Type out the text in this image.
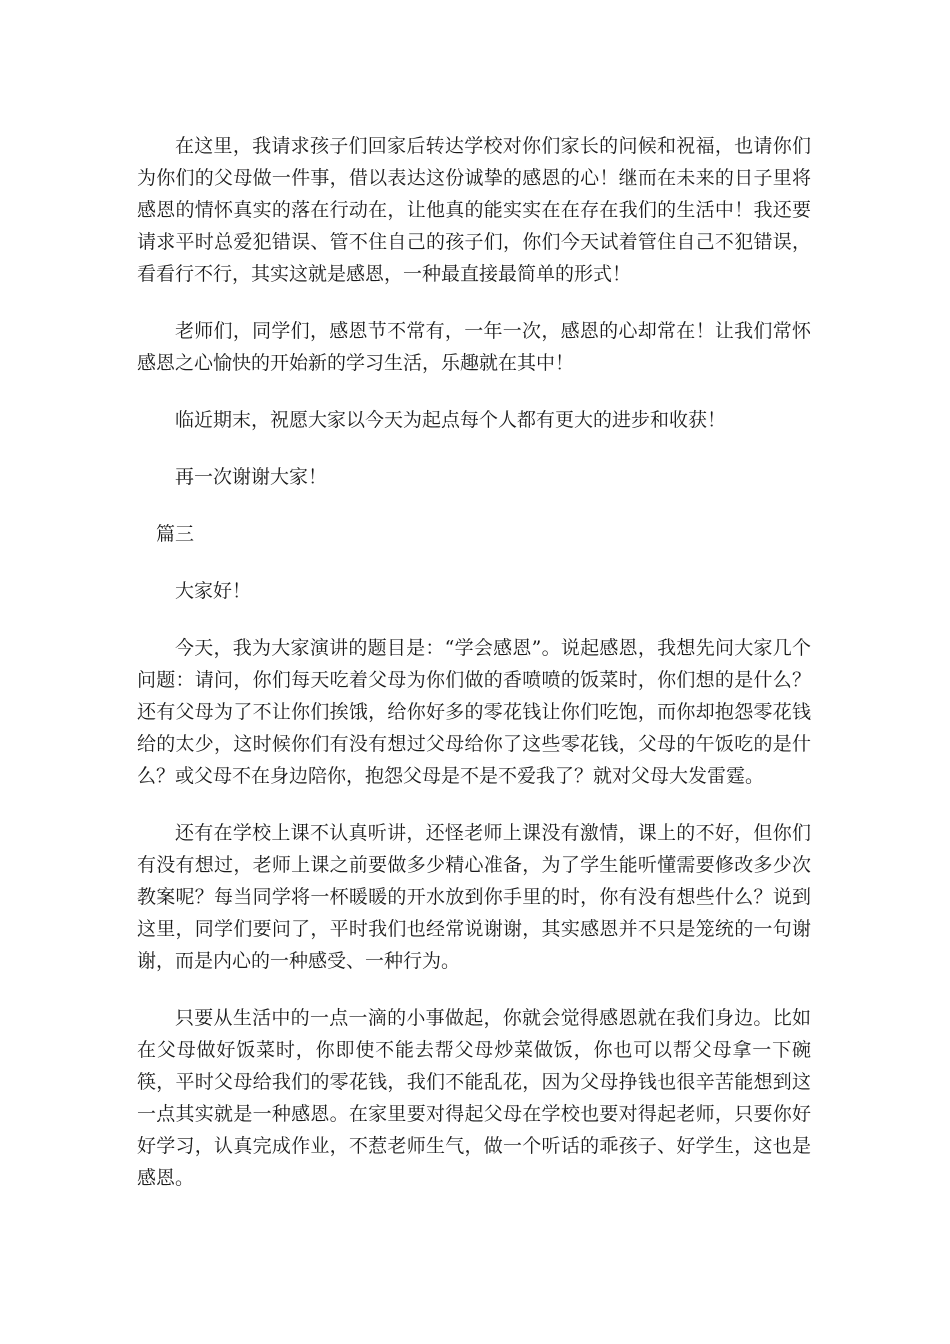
在这里，我请求孩子们回家后转达学校对你们家长的问候和祝福，也请你们为你们的父母做一件事，借以表达这份诚挚的感恩的心！继而在未来的日子里将感恩的情怀真实的落在行动在，让他真的能实实在在存在我们的生活中！我还要请求平时总爱犯错误、管不住自己的孩子们，你们今天试着管住自己不犯错误，看看行不行，其实这就是感恩，一种最直接最简单的形式！

老师们，同学们，感恩节不常有，一年一次，感恩的心却常在！让我们常怀感恩之心愉快的开始新的学习生活，乐趣就在其中！

临近期末，祝愿大家以今天为起点每个人都有更大的进步和收获！

再一次谢谢大家！

篇三

大家好！

今天，我为大家演讲的题目是：“学会感恩”。说起感恩，我想先问大家几个问题：请问，你们每天吃着父母为你们做的香喷喷的饭菜时，你们想的是什么？还有父母为了不让你们挨饿，给你好多的零花钱让你们吃饱，而你却抱怨零花钱给的太少，这时候你们有没有想过父母给你了这些零花钱，父母的午饭吃的是什么？或父母不在身边陪你，抱怨父母是不是不爱我了？就对父母大发雷霆。

还有在学校上课不认真听讲，还怪老师上课没有激情，课上的不好，但你们有没有想过，老师上课之前要做多少精心准备，为了学生能听懂需要修改多少次教案呢？每当同学将一杯暖暖的开水放到你手里的时，你有没有想些什么？说到这里，同学们要问了，平时我们也经常说谢谢，其实感恩并不只是笼统的一句谢谢，而是内心的一种感受、一种行为。

只要从生活中的一点一滴的小事做起，你就会觉得感恩就在我们身边。比如在父母做好饭菜时，你即使不能去帮父母炒菜做饭，你也可以帮父母拿一下碗筷，平时父母给我们的零花钱，我们不能乱花，因为父母挣钱也很辛苦能想到这一点其实就是一种感恩。在家里要对得起父母在学校也要对得起老师，只要你好好学习，认真完成作业，不惹老师生气，做一个听话的乖孩子、好学生，这也是感恩。
